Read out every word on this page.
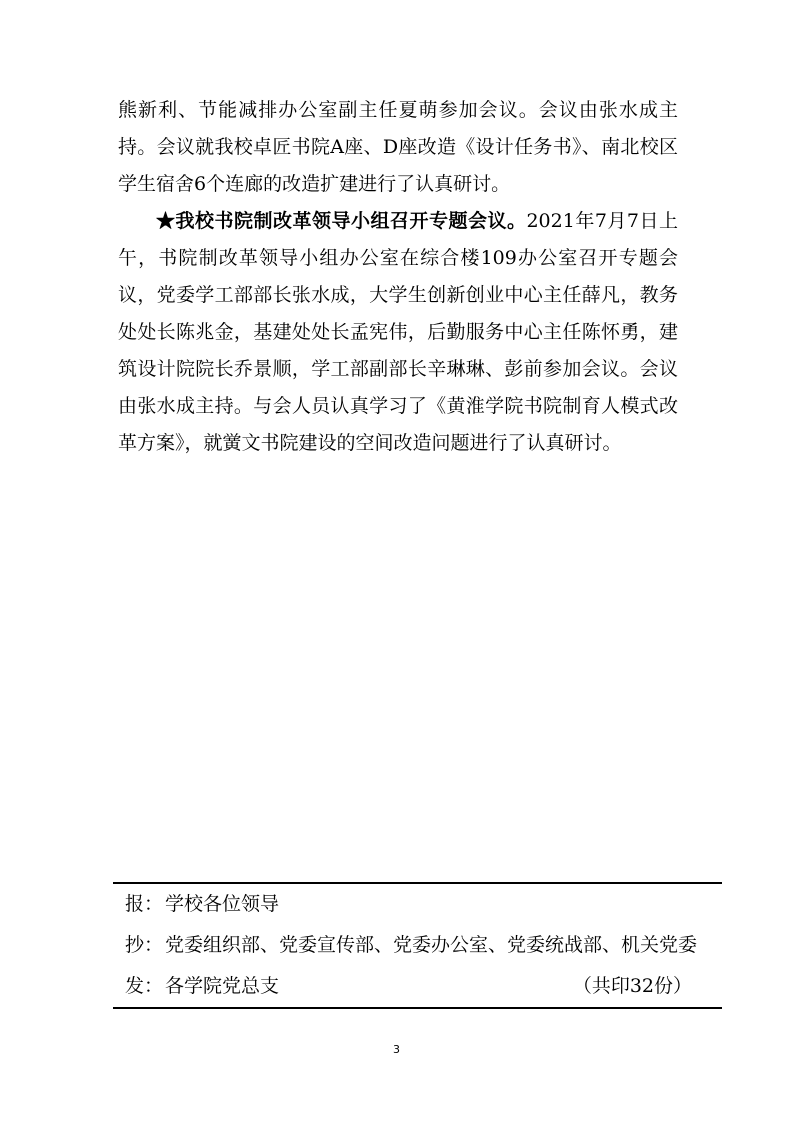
熊新利、节能减排办公室副主任夏萌参加会议。会议由张水成主持。会议就我校卓匠书院A座、D座改造《设计任务书》、南北校区学生宿舍6个连廊的改造扩建进行了认真研讨。

★我校书院制改革领导小组召开专题会议。2021年7月7日上午，书院制改革领导小组办公室在综合楼109办公室召开专题会议，党委学工部部长张水成，大学生创新创业中心主任薛凡，教务处处长陈兆金，基建处处长孟宪伟，后勤服务中心主任陈怀勇，建筑设计院院长乔景顺，学工部副部长辛琳琳、彭前参加会议。会议由张水成主持。与会人员认真学习了《黄淮学院书院制育人模式改革方案》，就黉文书院建设的空间改造问题进行了认真研讨。

报： 学校各位领导
抄： 党委组织部、党委宣传部、党委办公室、党委统战部、机关党委
发： 各学院党总支	（共印32份）
3
